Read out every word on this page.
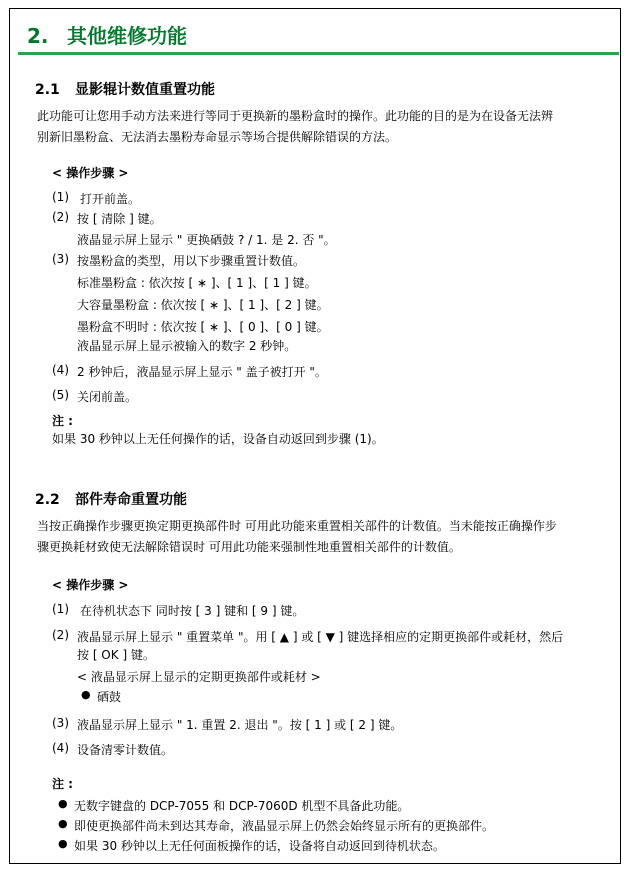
2. 其他维修功能
2.1 显影辊计数值重置功能
此功能可让您用手动方法来进行等同于更换新的墨粉盒时的操作。此功能的目的是为在设备无法辨
别新旧墨粉盒、无法消去墨粉寿命显示等场合提供解除错误的方法。
< 操作步骤 >
(1) 打开前盖。
(2) 按 [ 清除 ] 键。
液晶显示屏上显示 " 更换硒鼓 ? / 1. 是 2. 否 "。
(3) 按墨粉盒的类型，用以下步骤重置计数值。
标准墨粉盒 : 依次按 [ ∗ ]、[ 1 ]、[ 1 ] 键。
大容量墨粉盒 : 依次按 [ ∗ ]、[ 1 ]、[ 2 ] 键。
墨粉盒不明时 : 依次按 [ ∗ ]、[ 0 ]、[ 0 ] 键。
液晶显示屏上显示被输入的数字 2 秒钟。
(4) 2 秒钟后，液晶显示屏上显示 " 盖子被打开 "。
(5) 关闭前盖。
注 :
如果 30 秒钟以上无任何操作的话，设备自动返回到步骤 (1)。
2.2 部件寿命重置功能
当按正确操作步骤更换定期更换部件时 可用此功能来重置相关部件的计数值。当未能按正确操作步
骤更换耗材致使无法解除错误时 可用此功能来强制性地重置相关部件的计数值。
< 操作步骤 >
(1) 在待机状态下 同时按 [ 3 ] 键和 [ 9 ] 键。
(2) 液晶显示屏上显示 " 重置菜单 "。用 [ ▲ ] 或 [ ▼ ] 键选择相应的定期更换部件或耗材，然后
按 [ OK ] 键。
< 液晶显示屏上显示的定期更换部件或耗材 >
● 硒鼓
(3) 液晶显示屏上显示 " 1. 重置 2. 退出 "。按 [ 1 ] 或 [ 2 ] 键。
(4) 设备清零计数值。
注 :
● 无数字键盘的 DCP-7055 和 DCP-7060D 机型不具备此功能。
● 即使更换部件尚未到达其寿命，液晶显示屏上仍然会始终显示所有的更换部件。
● 如果 30 秒钟以上无任何面板操作的话，设备将自动返回到待机状态。
